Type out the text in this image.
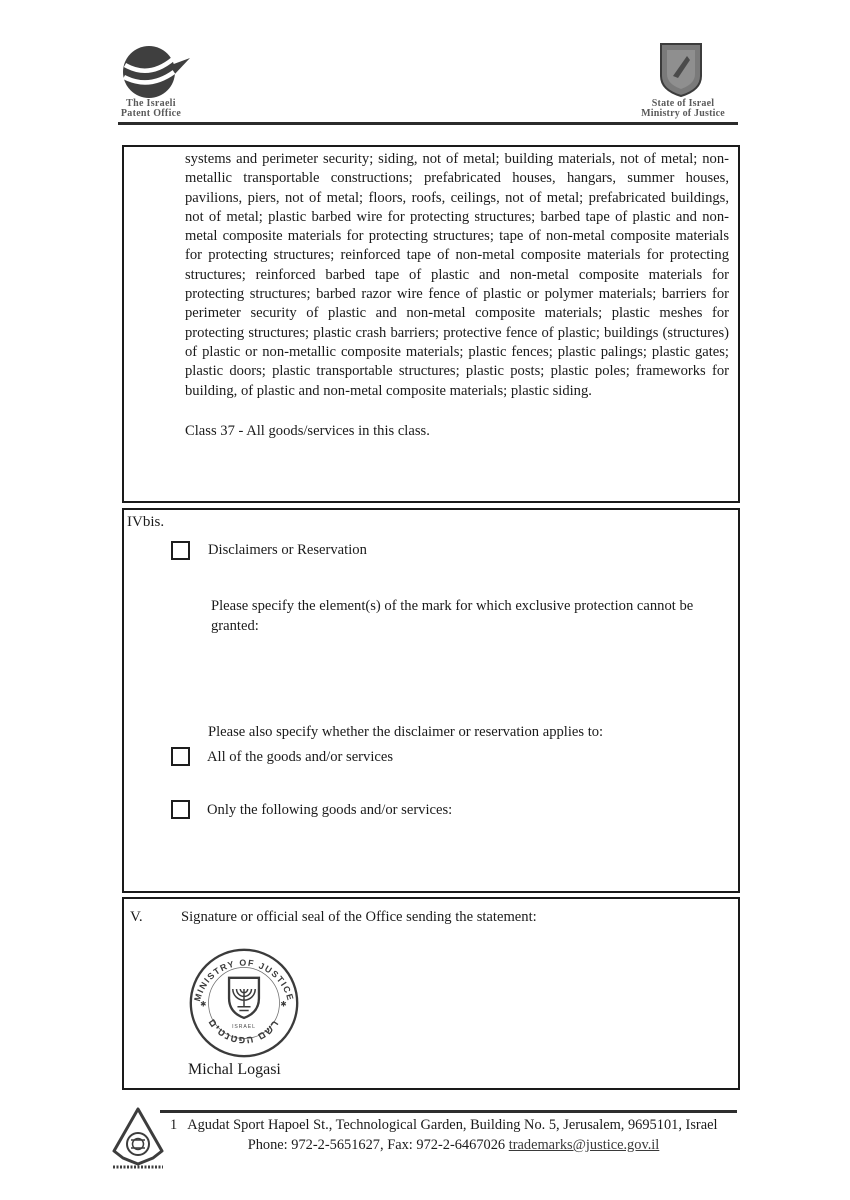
The Israeli
Patent Office
State of Israel
Ministry of Justice

systems and perimeter security; siding, not of metal; building materials, not of metal; non-metallic transportable constructions; prefabricated houses, hangars, summer houses, pavilions, piers, not of metal; floors, roofs, ceilings, not of metal; prefabricated buildings, not of metal; plastic barbed wire for protecting structures; barbed tape of plastic and non-metal composite materials for protecting structures; tape of non-metal composite materials for protecting structures; reinforced tape of non-metal composite materials for protecting structures; reinforced barbed tape of plastic and non-metal composite materials for protecting structures; barbed razor wire fence of plastic or polymer materials; barriers for perimeter security of plastic and non-metal composite materials; plastic meshes for protecting structures; plastic crash barriers; protective fence of plastic; buildings (structures) of plastic or non-metallic composite materials; plastic fences; plastic palings; plastic gates; plastic doors; plastic transportable structures; plastic posts; plastic poles; frameworks for building, of plastic and non-metal composite materials; plastic siding.

Class 37 - All goods/services in this class.

IVbis.
Disclaimers or Reservation
Please specify the element(s) of the mark for which exclusive protection cannot be granted:
Please also specify whether the disclaimer or reservation applies to:
All of the goods and/or services
Only the following goods and/or services:
V.	Signature or official seal of the Office sending the statement:
MINISTRY OF JUSTICE
רשם הפטנטים
✱	✱
ISRAEL
Michal Logasi
1 Agudat Sport Hapoel St., Technological Garden, Building No. 5, Jerusalem, 9695101, Israel
Phone: 972-2-5651627, Fax: 972-2-6467026 trademarks@justice.gov.il
